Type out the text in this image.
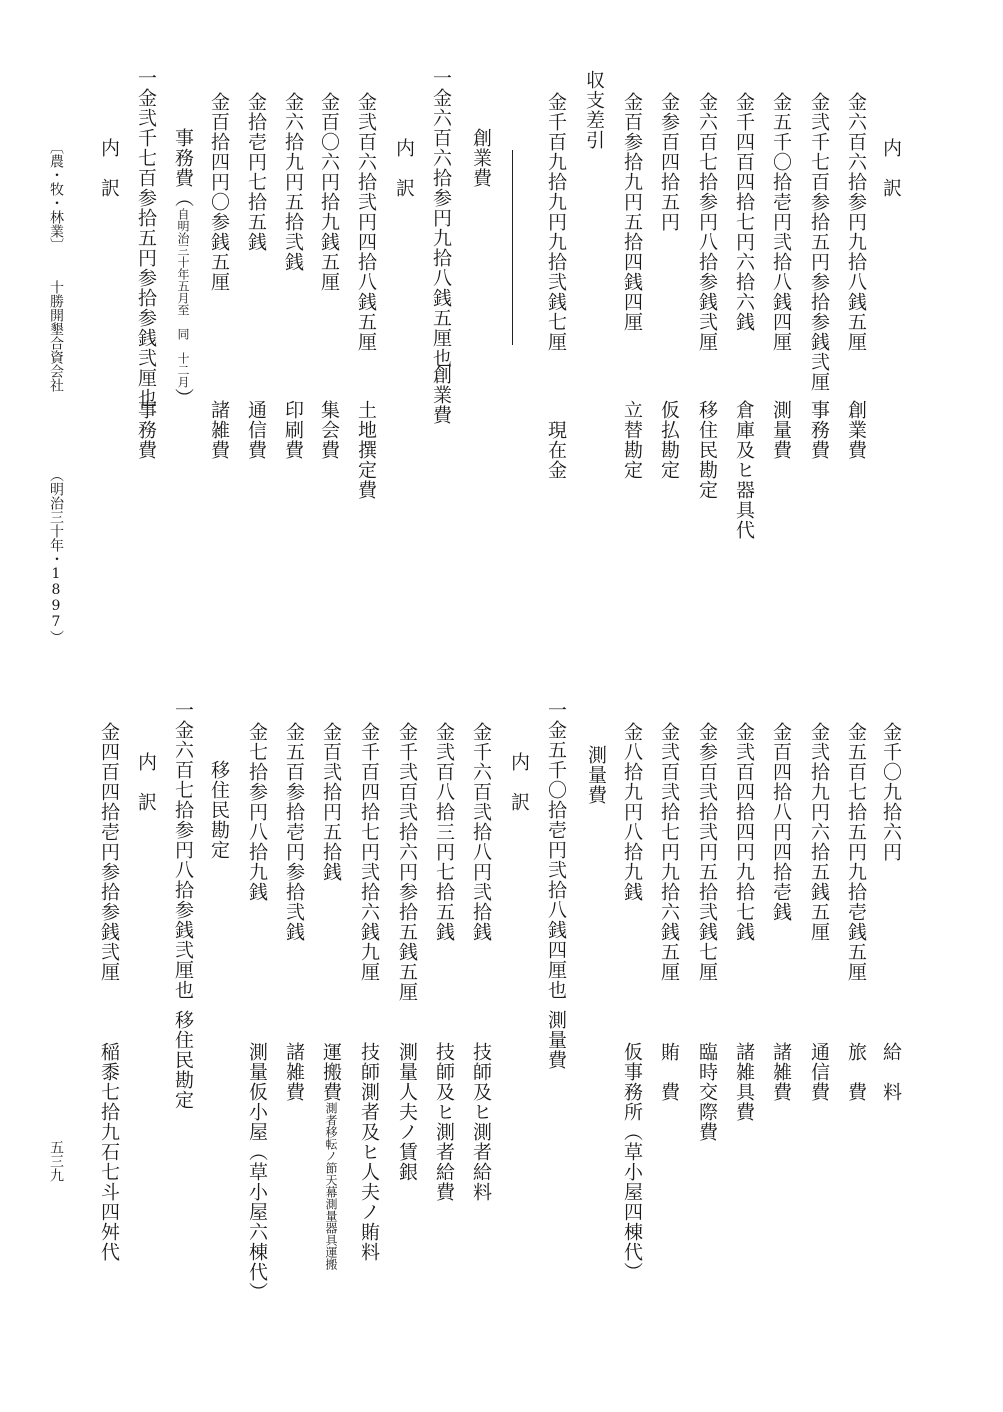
内　訳
金六百六拾参円九拾八銭五厘
創業費
金弐千七百参拾五円参拾参銭弐厘
事務費
金五千〇拾壱円弐拾八銭四厘
測量費
金千四百四拾七円六拾六銭
倉庫及ヒ器具代
金六百七拾参円八拾参銭弐厘
移住民勘定
金参百四拾五円
仮払勘定
金百参拾九円五拾四銭四厘
立替勘定
収支差引
金千百九拾九円九拾弐銭七厘
現在金
創業費
一金六百六拾参円九拾八銭五厘也
創業費
内　訳
金弐百六拾弐円四拾八銭五厘
土地撰定費
金百〇六円拾九銭五厘
集会費
金六拾九円五拾弐銭
印刷費
金拾壱円七拾五銭
通信費
金百拾四円〇参銭五厘
諸雑費
事務費（自明治三十年五月至　同　十二月）
一金弐千七百参拾五円参拾参銭弐厘也
事務費
内　訳
〔農・牧・林業〕
十勝開墾合資会社
（明治三十年・1897）
金千〇九拾六円
給　料
金五百七拾五円九拾壱銭五厘
旅　費
金弐拾九円六拾五銭五厘
通信費
金百四拾八円四拾壱銭
諸雑費
金弐百四拾四円九拾七銭
諸雑具費
金参百弐拾弐円五拾弐銭七厘
臨時交際費
金弐百弐拾七円九拾六銭五厘
賄　費
金八拾九円八拾九銭
仮事務所（草小屋四棟代）
測量費
一金五千〇拾壱円弐拾八銭四厘也
測量費
内　訳
金千六百弐拾八円弐拾銭
技師及ヒ測者給料
金弐百八拾三円七拾五銭
技師及ヒ測者給費
金千弐百弐拾六円参拾五銭五厘
測量人夫ノ賃銀
金千百四拾七円弐拾六銭九厘
技師測者及ヒ人夫ノ賄料
金百弐拾円五拾銭
運搬費測者移転ノ節天幕測量器具運搬
金五百参拾壱円参拾弐銭
諸雑費
金七拾参円八拾九銭
測量仮小屋（草小屋六棟代）
移住民勘定
一金六百七拾参円八拾参銭弐厘也
移住民勘定
内　訳
金四百四拾壱円参拾参銭弐厘
稲黍七拾九石七斗四舛代
五三九
